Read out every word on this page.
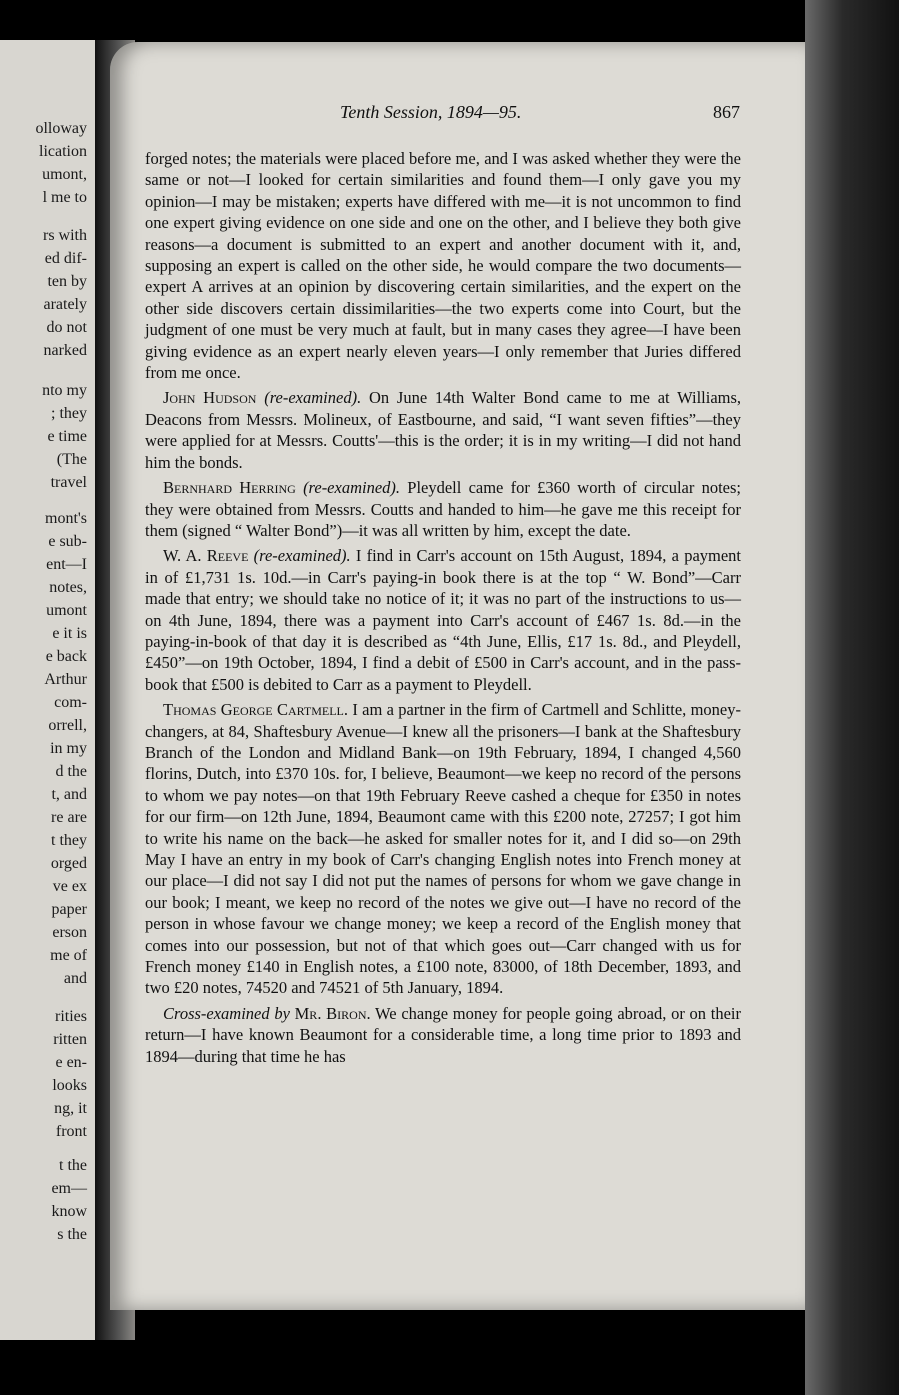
olloway
lication
umont,
l me to
rs with
ed dif-
ten by
arately
do not
narked
nto my
; they
e time
(The
travel
mont's
e sub-
ent—I
notes,
umont
e it is
e back
Arthur
com-
orrell,
in my
d the
t, and
re are
t they
orged
ve ex
paper
erson
me of
and
rities
ritten
e en-
looks
ng, it
front
t the
em—
know
s the
Tenth Session, 1894—95.	867

forged notes; the materials were placed before me, and I was asked whether they were the same or not—I looked for certain similarities and found them—I only gave you my opinion—I may be mistaken; experts have differed with me—it is not uncommon to find one expert giving evidence on one side and one on the other, and I believe they both give reasons—a document is submitted to an expert and another document with it, and, supposing an expert is called on the other side, he would compare the two documents—expert A arrives at an opinion by discovering certain similarities, and the expert on the other side discovers certain dissimilarities—the two experts come into Court, but the judgment of one must be very much at fault, but in many cases they agree—I have been giving evidence as an expert nearly eleven years—I only remember that Juries differed from me once.

John Hudson (re-examined). On June 14th Walter Bond came to me at Williams, Deacons from Messrs. Molineux, of Eastbourne, and said, “I want seven fifties”—they were applied for at Messrs. Coutts'—this is the order; it is in my writing—I did not hand him the bonds.

Bernhard Herring (re-examined). Pleydell came for £360 worth of circular notes; they were obtained from Messrs. Coutts and handed to him—he gave me this receipt for them (signed “ Walter Bond”)—it was all written by him, except the date.

W. A. Reeve (re-examined). I find in Carr's account on 15th August, 1894, a payment in of £1,731 1s. 10d.—in Carr's paying-in book there is at the top “ W. Bond”—Carr made that entry; we should take no notice of it; it was no part of the instructions to us—on 4th June, 1894, there was a payment into Carr's account of £467 1s. 8d.—in the paying-in-book of that day it is described as “4th June, Ellis, £17 1s. 8d., and Pleydell, £450”—on 19th October, 1894, I find a debit of £500 in Carr's account, and in the pass-book that £500 is debited to Carr as a payment to Pleydell.

Thomas George Cartmell. I am a partner in the firm of Cartmell and Schlitte, money-changers, at 84, Shaftesbury Avenue—I knew all the prisoners—I bank at the Shaftesbury Branch of the London and Midland Bank—on 19th February, 1894, I changed 4,560 florins, Dutch, into £370 10s. for, I believe, Beaumont—we keep no record of the persons to whom we pay notes—on that 19th February Reeve cashed a cheque for £350 in notes for our firm—on 12th June, 1894, Beaumont came with this £200 note, 27257; I got him to write his name on the back—he asked for smaller notes for it, and I did so—on 29th May I have an entry in my book of Carr's changing English notes into French money at our place—I did not say I did not put the names of persons for whom we gave change in our book; I meant, we keep no record of the notes we give out—I have no record of the person in whose favour we change money; we keep a record of the English money that comes into our possession, but not of that which goes out—Carr changed with us for French money £140 in English notes, a £100 note, 83000, of 18th December, 1893, and two £20 notes, 74520 and 74521 of 5th January, 1894.

Cross-examined by Mr. Biron. We change money for people going abroad, or on their return—I have known Beaumont for a considerable time, a long time prior to 1893 and 1894—during that time he has
